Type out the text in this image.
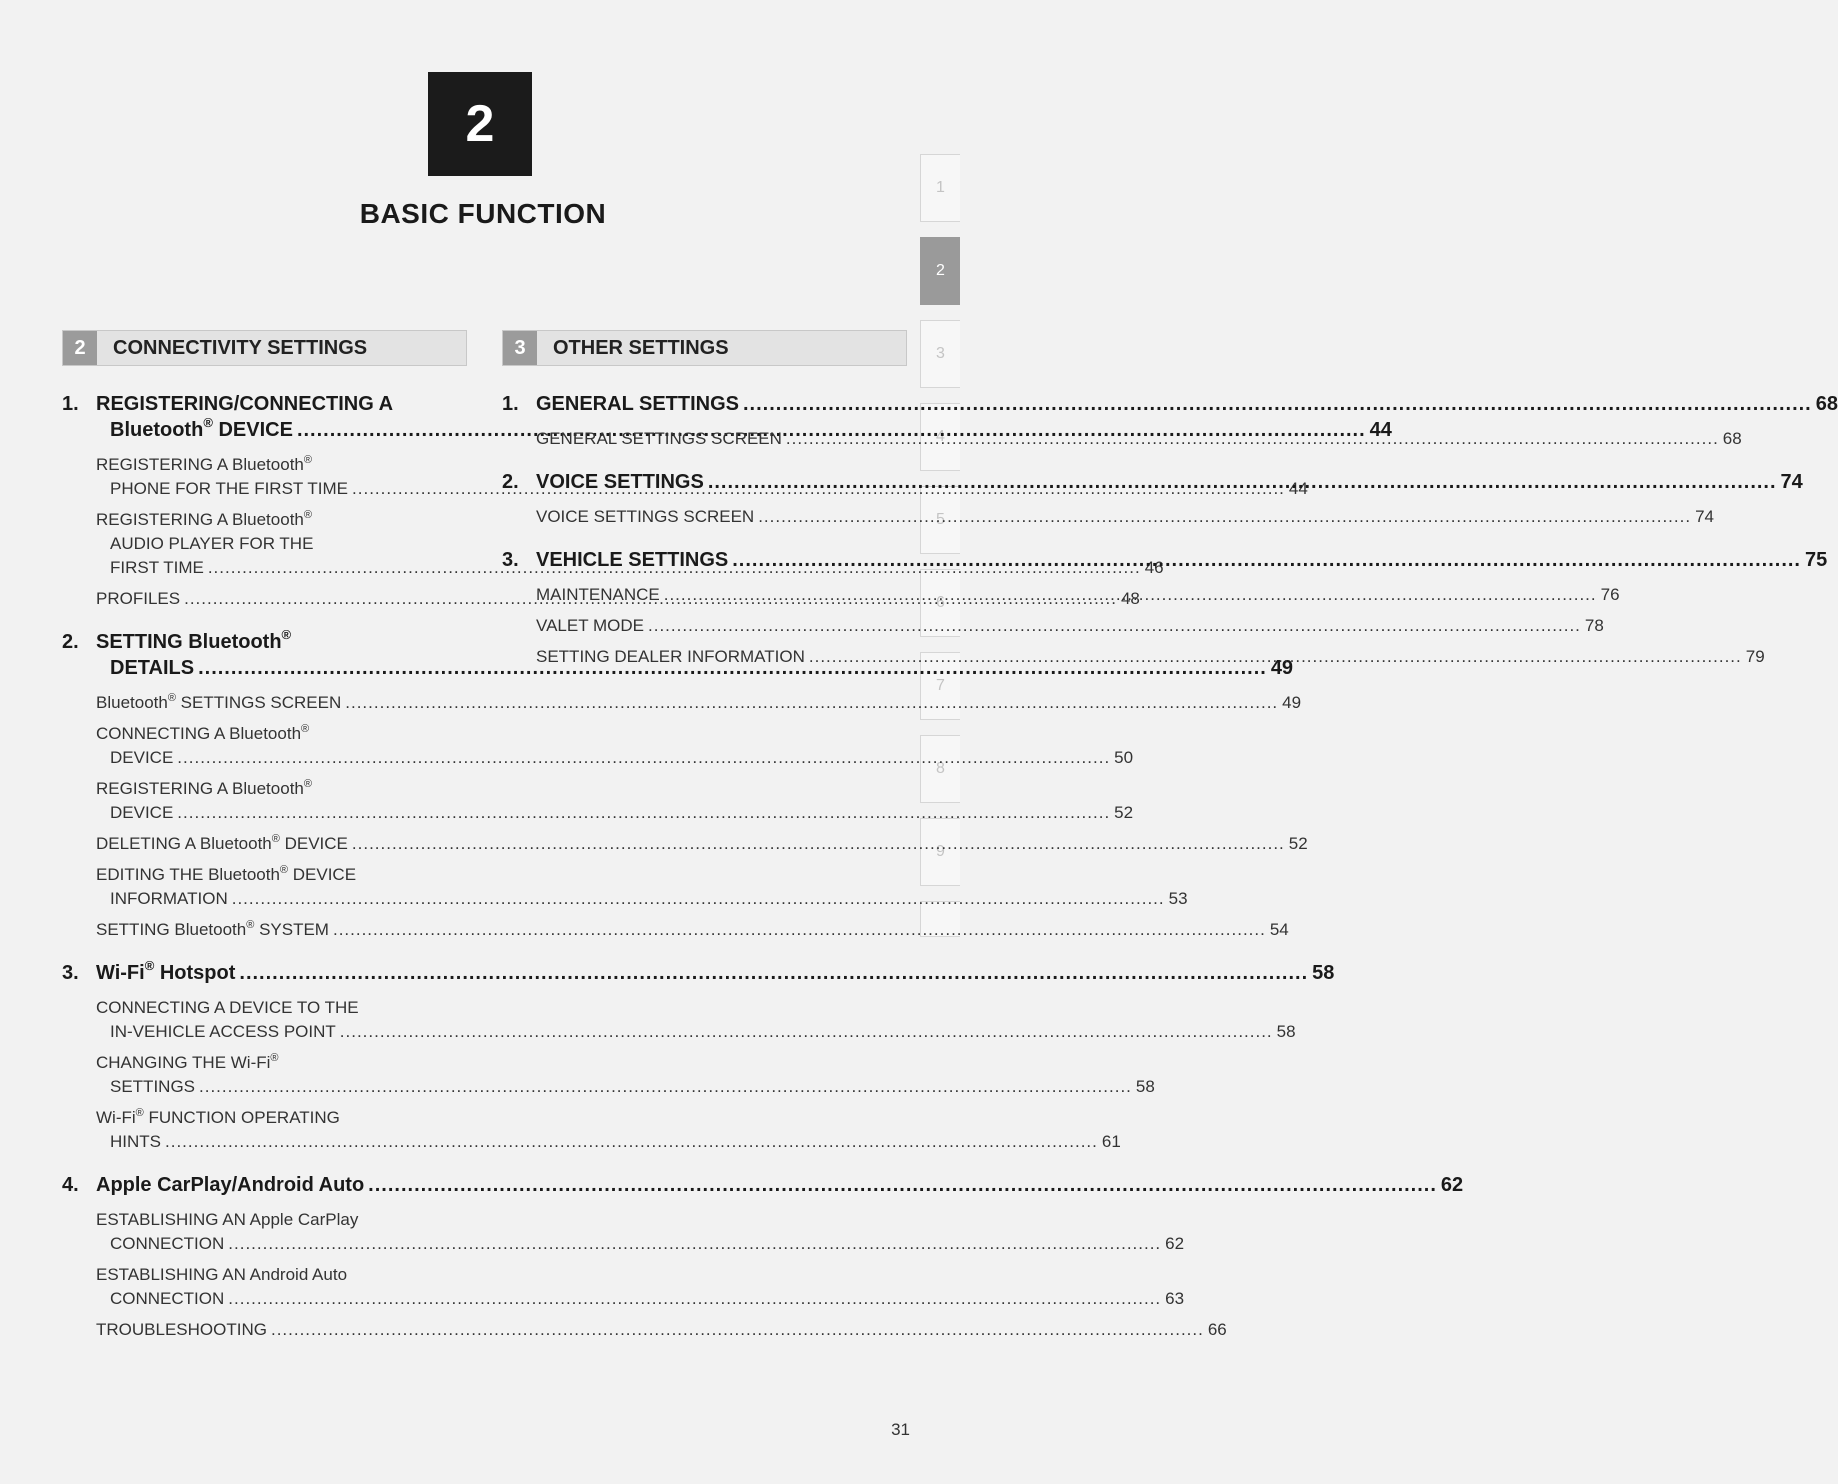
2
BASIC FUNCTION
1
2
3
4
5
6
7
8
9
2	CONNECTIVITY SETTINGS	3	OTHER SETTINGS
1. REGISTERING/CONNECTING A
Bluetooth® DEVICE .....	44
REGISTERING A Bluetooth®
PHONE FOR THE FIRST TIME .....	44
REGISTERING A Bluetooth®
AUDIO PLAYER FOR THE
FIRST TIME .....	46
PROFILES .....	48
2. SETTING Bluetooth®
DETAILS .....	49
Bluetooth® SETTINGS SCREEN .....	49
CONNECTING A Bluetooth®
DEVICE .....	50
REGISTERING A Bluetooth®
DEVICE .....	52
DELETING A Bluetooth® DEVICE .....	52
EDITING THE Bluetooth® DEVICE
INFORMATION .....	53
SETTING Bluetooth® SYSTEM .....	54
3. Wi-Fi® Hotspot .....	58
CONNECTING A DEVICE TO THE
IN-VEHICLE ACCESS POINT .....	58
CHANGING THE Wi-Fi®
SETTINGS .....	58
Wi-Fi® FUNCTION OPERATING
HINTS .....	61
4. Apple CarPlay/Android Auto .....	62
ESTABLISHING AN Apple CarPlay
CONNECTION .....	62
ESTABLISHING AN Android Auto
CONNECTION .....	63
TROUBLESHOOTING .....	66
1. GENERAL SETTINGS .....	68
GENERAL SETTINGS SCREEN .....	68
2. VOICE SETTINGS .....	74
VOICE SETTINGS SCREEN .....	74
3. VEHICLE SETTINGS .....	75
MAINTENANCE .....	76
VALET MODE .....	78
SETTING DEALER INFORMATION .....	79
31
